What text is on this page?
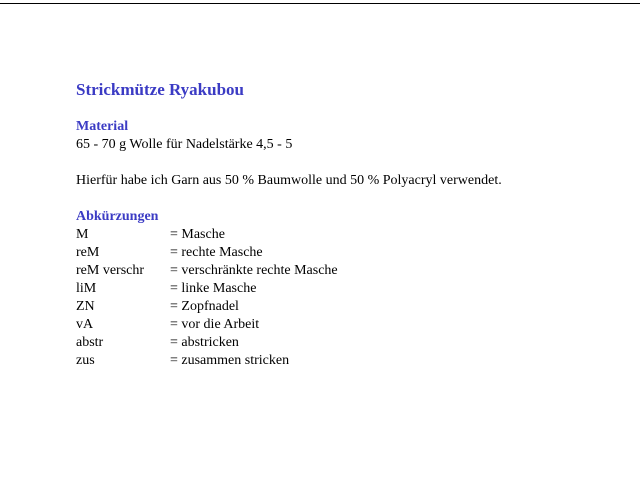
Strickmütze Ryakubou
Material

65 - 70 g Wolle für Nadelstärke 4,5 - 5

Hierfür habe ich Garn aus 50 % Baumwolle und 50 % Polyacryl verwendet.

Abkürzungen
M	= Masche
reM	= rechte Masche
reM verschr	= verschränkte rechte Masche
liM	= linke Masche
ZN	= Zopfnadel
vA	= vor die Arbeit
abstr	= abstricken
zus	= zusammen stricken
